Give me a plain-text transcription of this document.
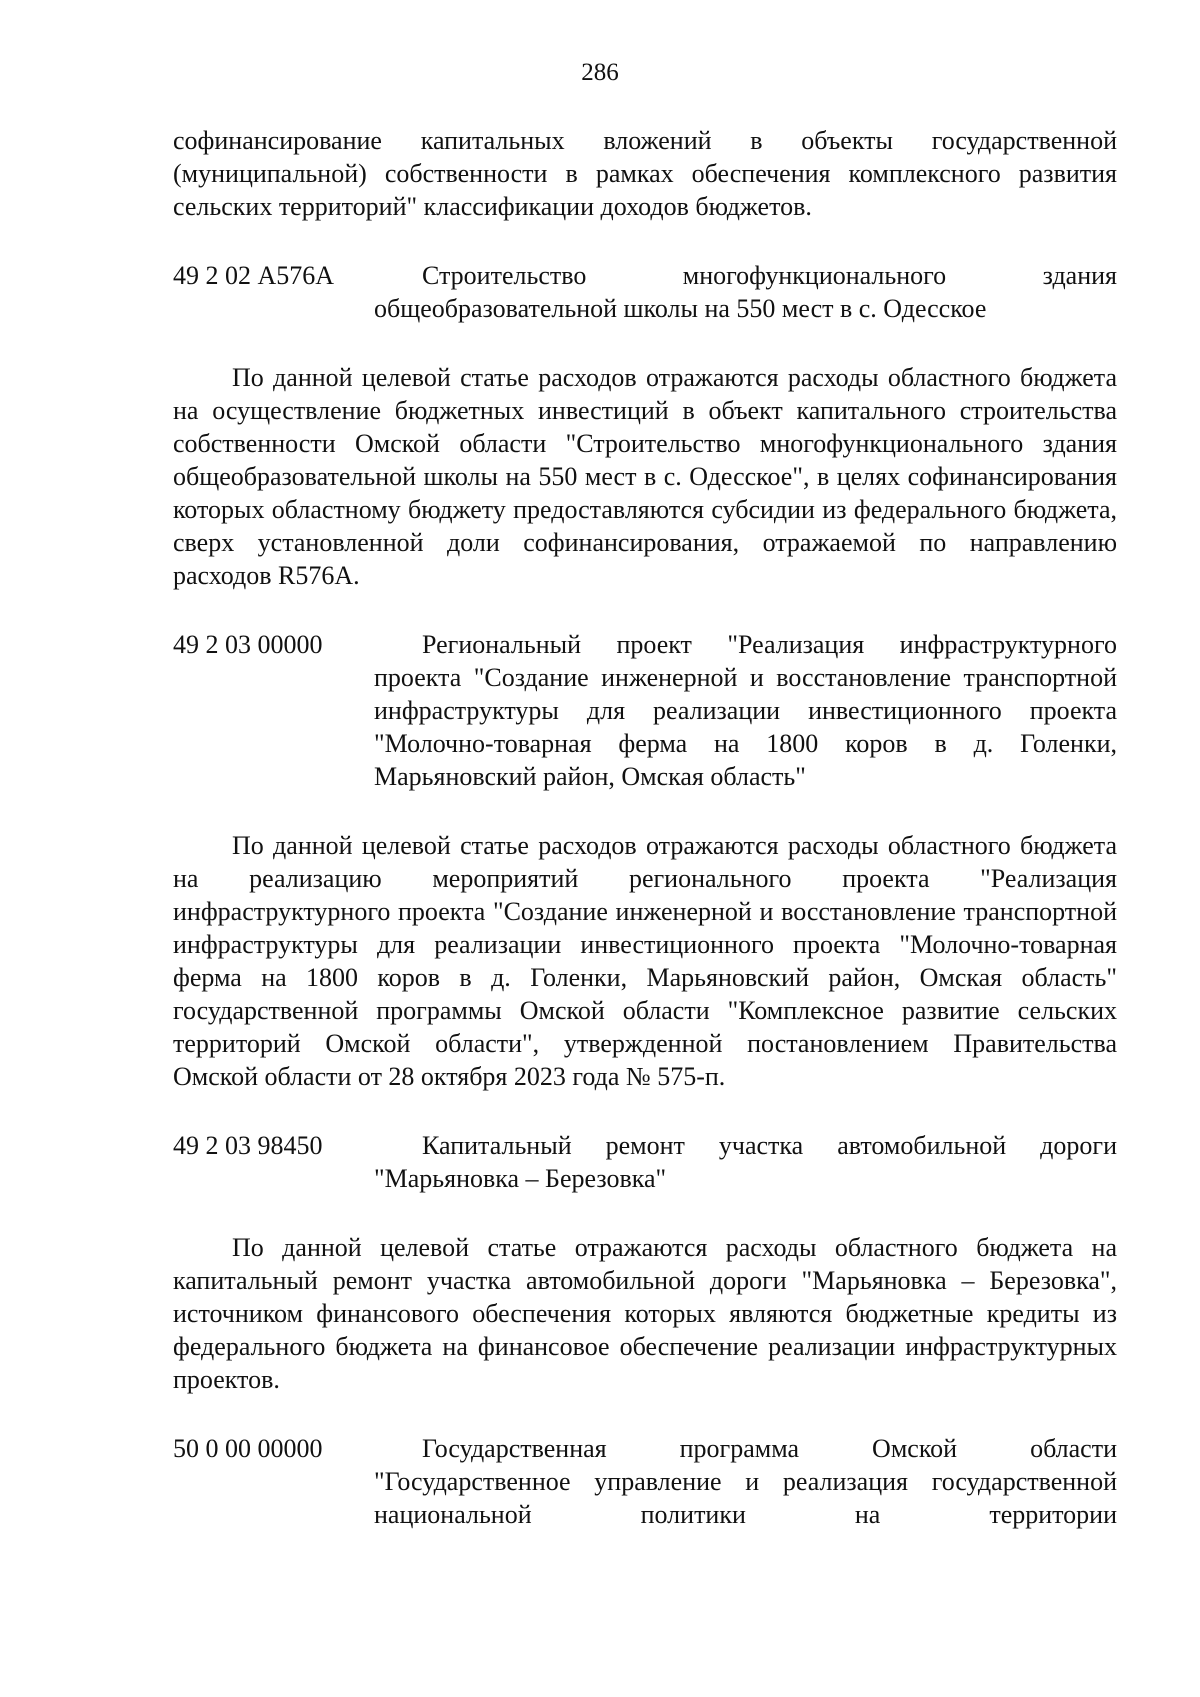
286

софинансирование капитальных вложений в объекты государственной (муниципальной) собственности в рамках обеспечения комплексного развития сельских территорий" классификации доходов бюджетов.

49 2 02 А576А	Строительство многофункционального здания общеобразовательной школы на 550 мест в с. Одесское

По данной целевой статье расходов отражаются расходы областного бюджета на осуществление бюджетных инвестиций в объект капитального строительства собственности Омской области "Строительство многофункционального здания общеобразовательной школы на 550 мест в с. Одесское", в целях софинансирования которых областному бюджету предоставляются субсидии из федерального бюджета, сверх установленной доли софинансирования, отражаемой по направлению расходов R576А.

49 2 03 00000	Региональный проект "Реализация инфраструктурного проекта "Создание инженерной и восстановление транспортной инфраструктуры для реализации инвестиционного проекта "Молочно-товарная ферма на 1800 коров в д. Голенки, Марьяновский район, Омская область"

По данной целевой статье расходов отражаются расходы областного бюджета на реализацию мероприятий регионального проекта "Реализация инфраструктурного проекта "Создание инженерной и восстановление транспортной инфраструктуры для реализации инвестиционного проекта "Молочно-товарная ферма на 1800 коров в д. Голенки, Марьяновский район, Омская область" государственной программы Омской области "Комплексное развитие сельских территорий Омской области", утвержденной постановлением Правительства Омской области от 28 октября 2023 года № 575-п.

49 2 03 98450	Капитальный ремонт участка автомобильной дороги "Марьяновка – Березовка"

По данной целевой статье отражаются расходы областного бюджета на капитальный ремонт участка автомобильной дороги "Марьяновка – Березовка", источником финансового обеспечения которых являются бюджетные кредиты из федерального бюджета на финансовое обеспечение реализации инфраструктурных проектов.

50 0 00 00000	Государственная программа Омской области "Государственное управление и реализация государственной национальной политики на территории
